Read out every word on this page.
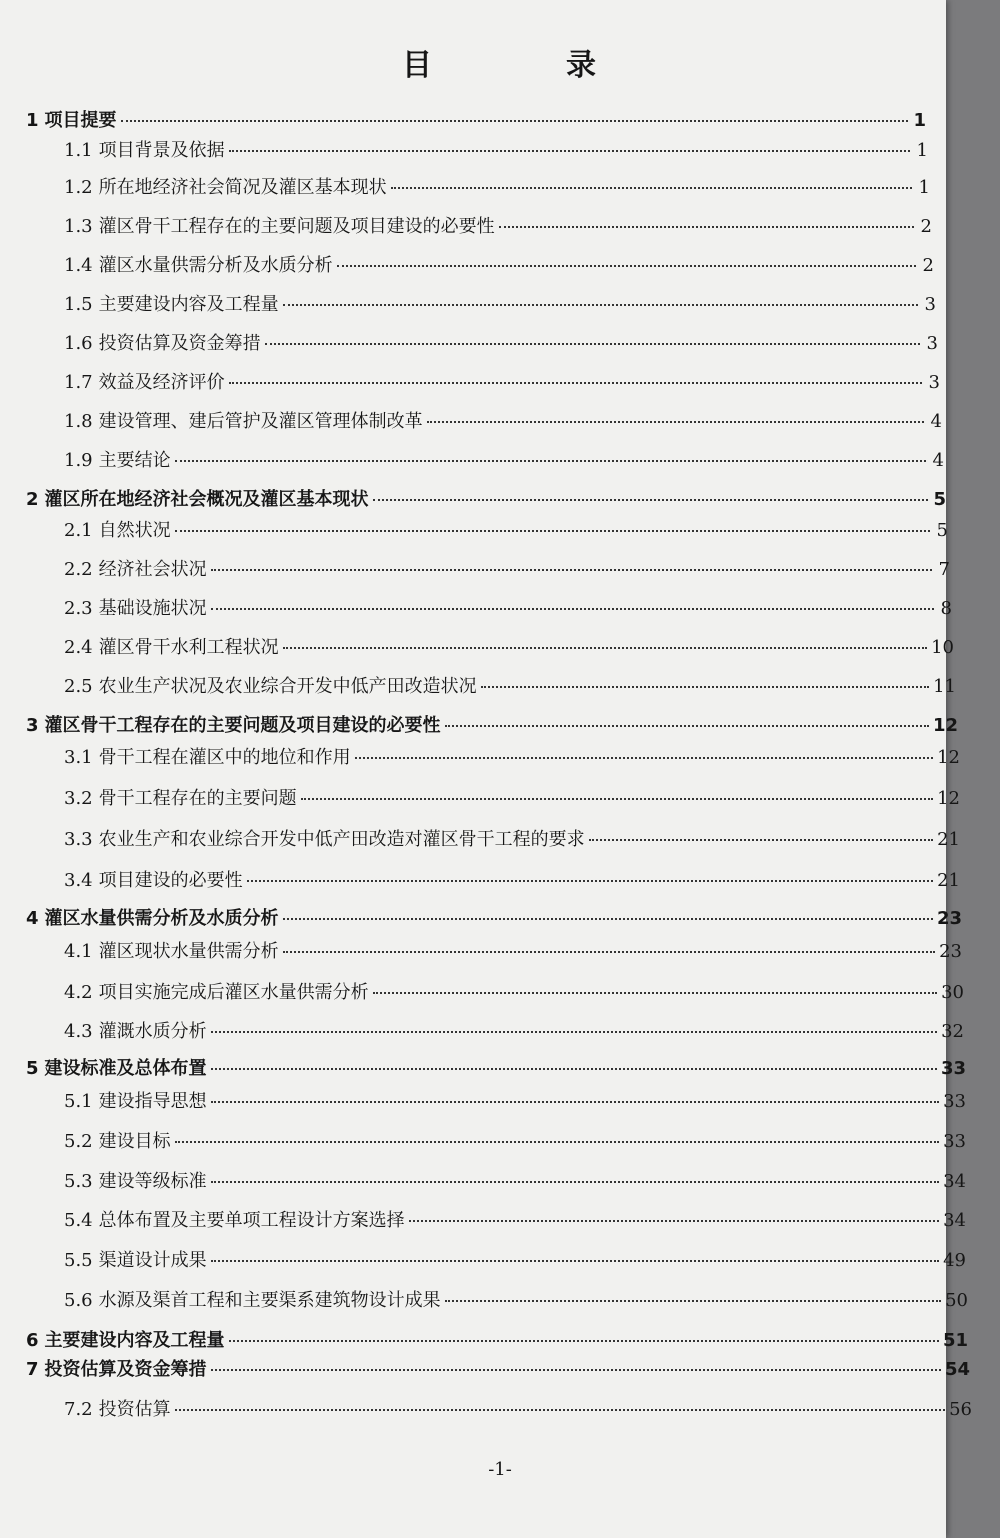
目	录
1 项目提要	1
1.1 项目背景及依据	1
1.2 所在地经济社会简况及灌区基本现状	1
1.3 灌区骨干工程存在的主要问题及项目建设的必要性	2
1.4 灌区水量供需分析及水质分析	2
1.5 主要建设内容及工程量	3
1.6 投资估算及资金筹措	3
1.7 效益及经济评价	3
1.8 建设管理、建后管护及灌区管理体制改革	4
1.9 主要结论	4
2 灌区所在地经济社会概况及灌区基本现状	5
2.1 自然状况	5
2.2 经济社会状况	7
2.3 基础设施状况	8
2.4 灌区骨干水利工程状况	10
2.5 农业生产状况及农业综合开发中低产田改造状况	11
3 灌区骨干工程存在的主要问题及项目建设的必要性	12
3.1 骨干工程在灌区中的地位和作用	12
3.2 骨干工程存在的主要问题	12
3.3 农业生产和农业综合开发中低产田改造对灌区骨干工程的要求	21
3.4 项目建设的必要性	21
4 灌区水量供需分析及水质分析	23
4.1 灌区现状水量供需分析	23
4.2 项目实施完成后灌区水量供需分析	30
4.3 灌溉水质分析	32
5 建设标准及总体布置	33
5.1 建设指导思想	33
5.2 建设目标	33
5.3 建设等级标准	34
5.4 总体布置及主要单项工程设计方案选择	34
5.5 渠道设计成果	49
5.6 水源及渠首工程和主要渠系建筑物设计成果	50
6 主要建设内容及工程量	51
7 投资估算及资金筹措	54
7.2 投资估算	56
-1-
